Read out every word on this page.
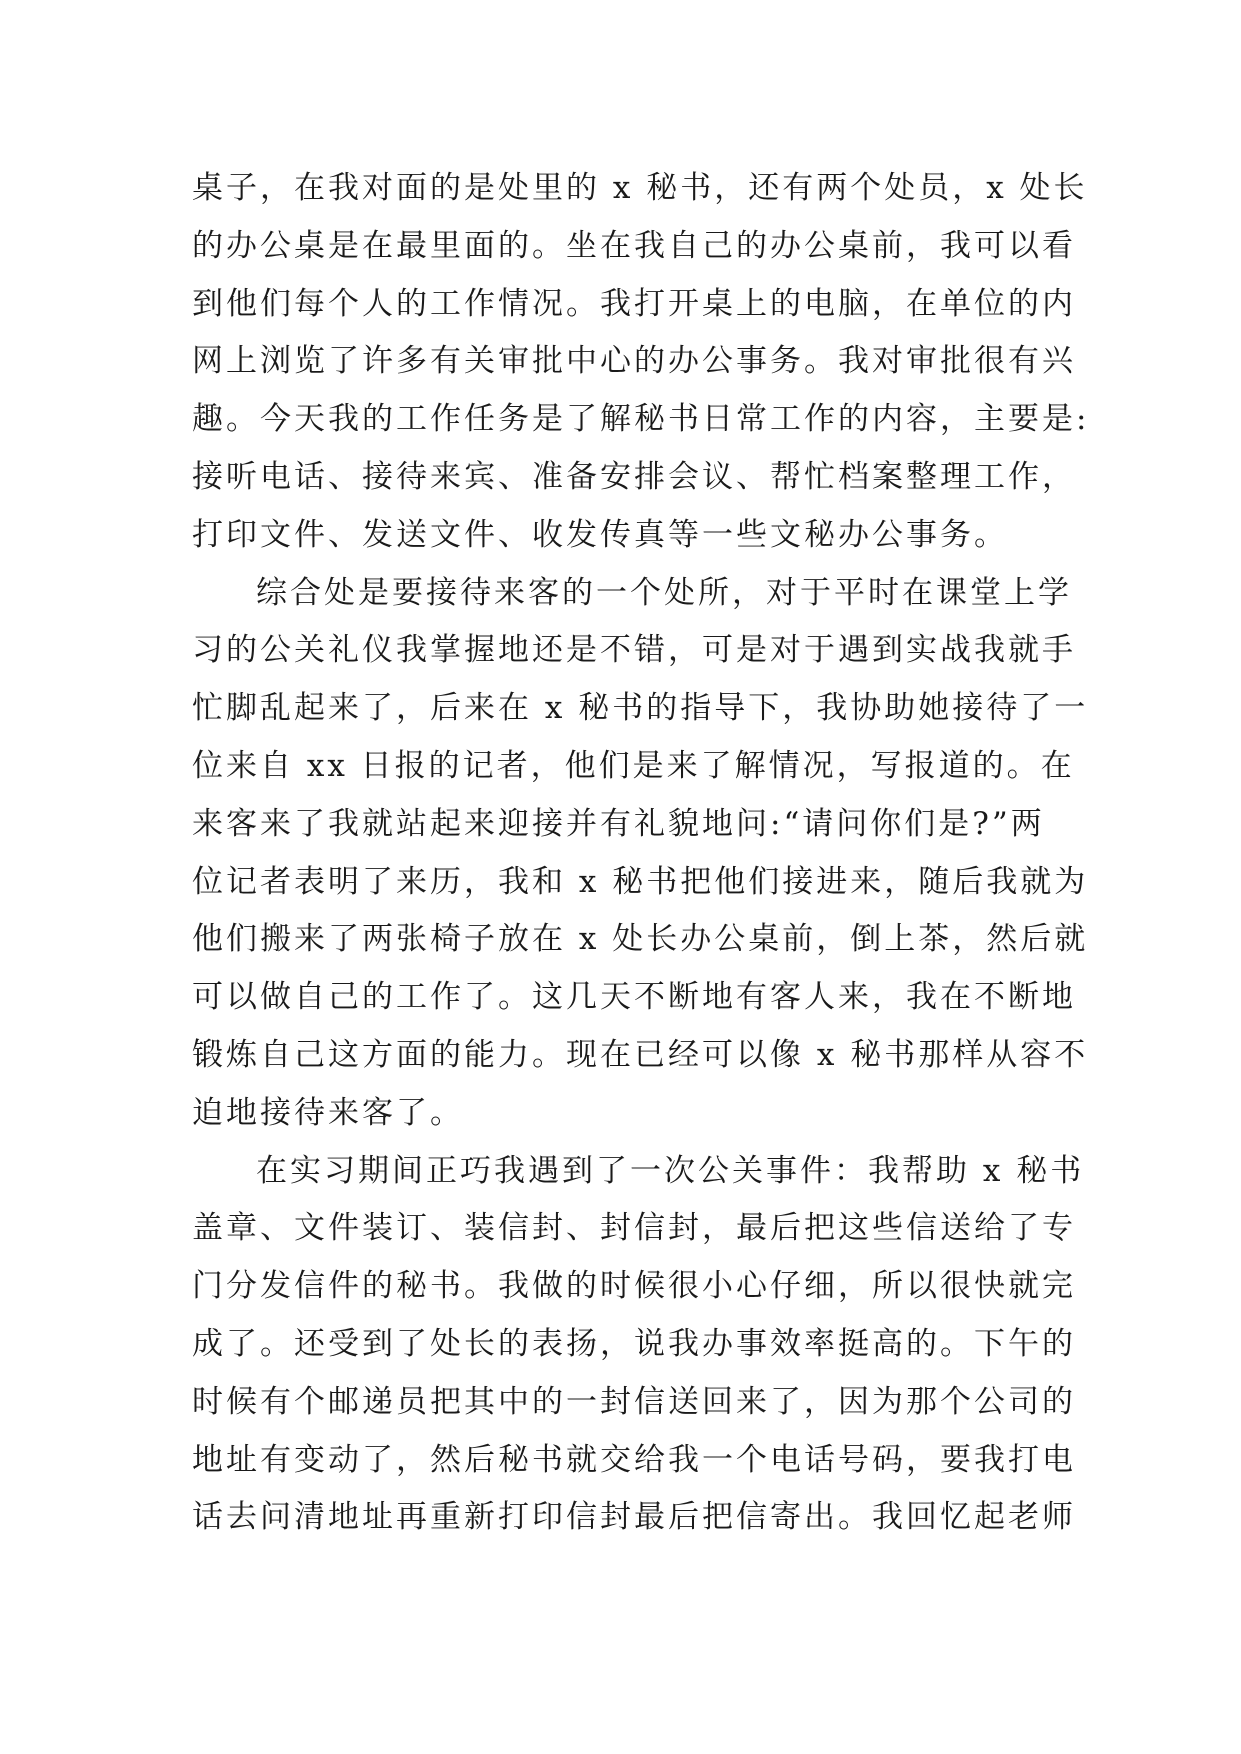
桌子，在我对面的是处里的 x 秘书，还有两个处员，x 处长
的办公桌是在最里面的。坐在我自己的办公桌前，我可以看
到他们每个人的工作情况。我打开桌上的电脑，在单位的内
网上浏览了许多有关审批中心的办公事务。我对审批很有兴
趣。今天我的工作任务是了解秘书日常工作的内容，主要是:
接听电话、接待来宾、准备安排会议、帮忙档案整理工作，
打印文件、发送文件、收发传真等一些文秘办公事务。
综合处是要接待来客的一个处所，对于平时在课堂上学
习的公关礼仪我掌握地还是不错，可是对于遇到实战我就手
忙脚乱起来了，后来在 x 秘书的指导下，我协助她接待了一
位来自 xx 日报的记者，他们是来了解情况，写报道的。在
来客来了我就站起来迎接并有礼貌地问:“请问你们是?”两
位记者表明了来历，我和 x 秘书把他们接进来，随后我就为
他们搬来了两张椅子放在 x 处长办公桌前，倒上茶，然后就
可以做自己的工作了。这几天不断地有客人来，我在不断地
锻炼自己这方面的能力。现在已经可以像 x 秘书那样从容不
迫地接待来客了。
在实习期间正巧我遇到了一次公关事件：我帮助 x 秘书
盖章、文件装订、装信封、封信封，最后把这些信送给了专
门分发信件的秘书。我做的时候很小心仔细，所以很快就完
成了。还受到了处长的表扬，说我办事效率挺高的。下午的
时候有个邮递员把其中的一封信送回来了，因为那个公司的
地址有变动了，然后秘书就交给我一个电话号码，要我打电
话去问清地址再重新打印信封最后把信寄出。我回忆起老师
